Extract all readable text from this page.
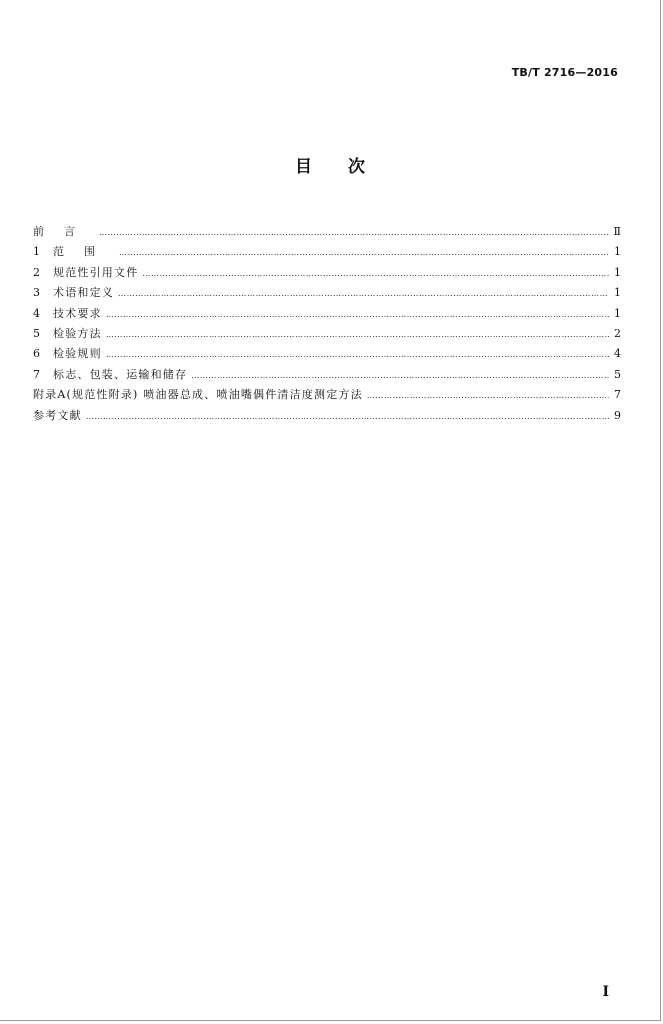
TB/T 2716—2016
目 次
前言 ……………………………………………………………………………………………………………………………………………………………………………………………………………	Ⅱ
1	范围 ……………………………………………………………………………………………………………………………………………………………………………………………………………	1
2	规范性引用文件 ……………………………………………………………………………………………………………………………………………………………………………………………………………	1
3	术语和定义 ……………………………………………………………………………………………………………………………………………………………………………………………………………	1
4	技术要求 ……………………………………………………………………………………………………………………………………………………………………………………………………………	1
5	检验方法 ……………………………………………………………………………………………………………………………………………………………………………………………………………	2
6	检验规则 ……………………………………………………………………………………………………………………………………………………………………………………………………………	4
7	标志、包装、运输和储存 ……………………………………………………………………………………………………………………………………………………………………………………………………………	5
附录A(规范性附录) 喷油器总成、喷油嘴偶件清洁度测定方法 ……………………………………………………………………………………………………………………………………………………………………………………………………………	7
参考文献 ……………………………………………………………………………………………………………………………………………………………………………………………………………	9
Ⅰ
